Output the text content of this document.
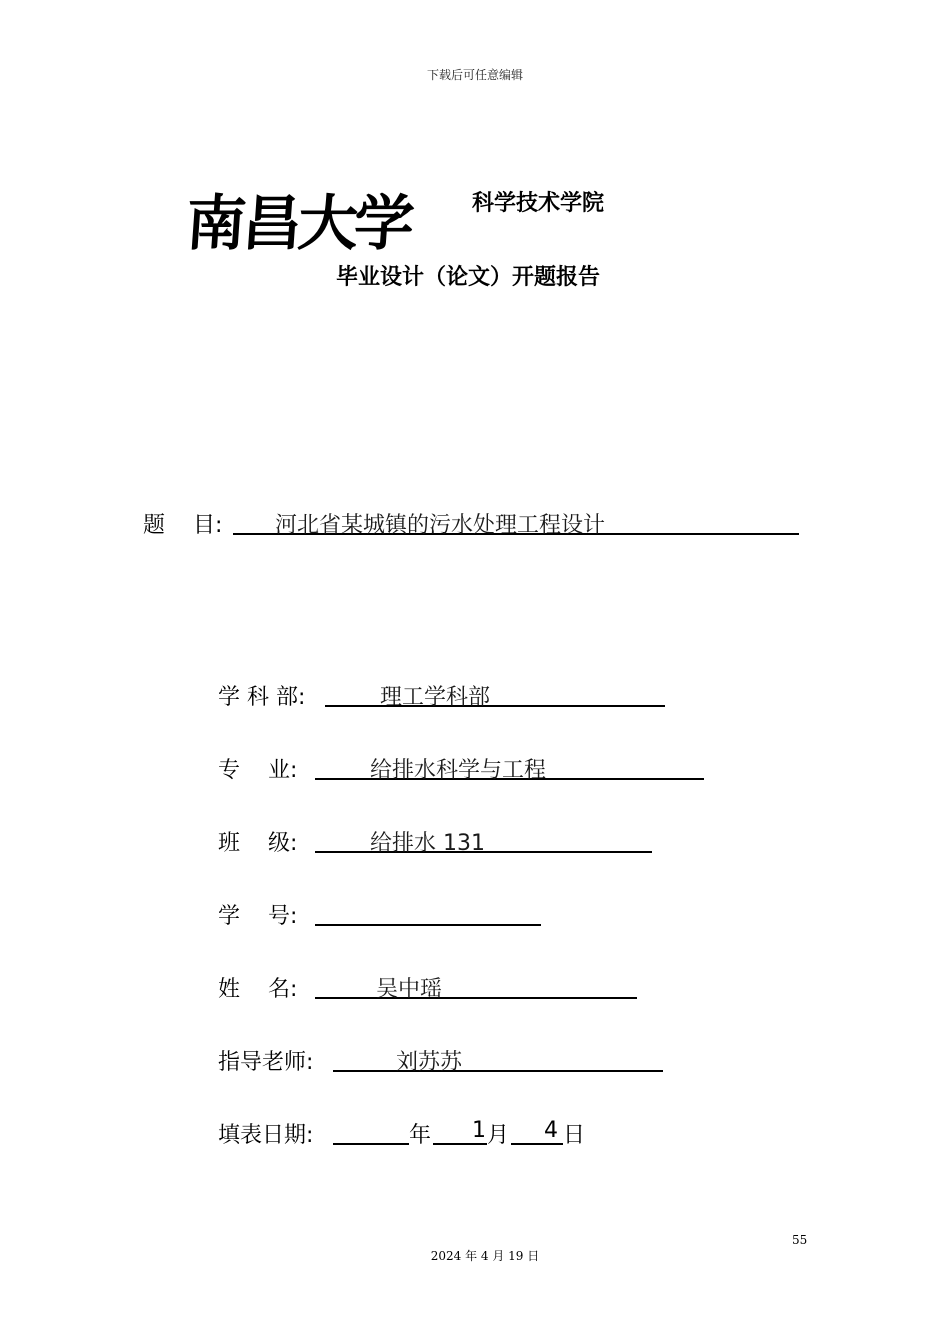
下载后可任意编辑
南昌大学	科学技术学院
毕业设计（论文）开题报告
题    目: 河北省某城镇的污水处理工程设计
学 科 部:	理工学科部
专    业:	给排水科学与工程
班    级:	给排水 131
学    号:
姓    名:	吴中瑶
指导老师:	刘苏苏
填表日期:	年 1 月 4 日
55
2024 年 4 月 19 日
